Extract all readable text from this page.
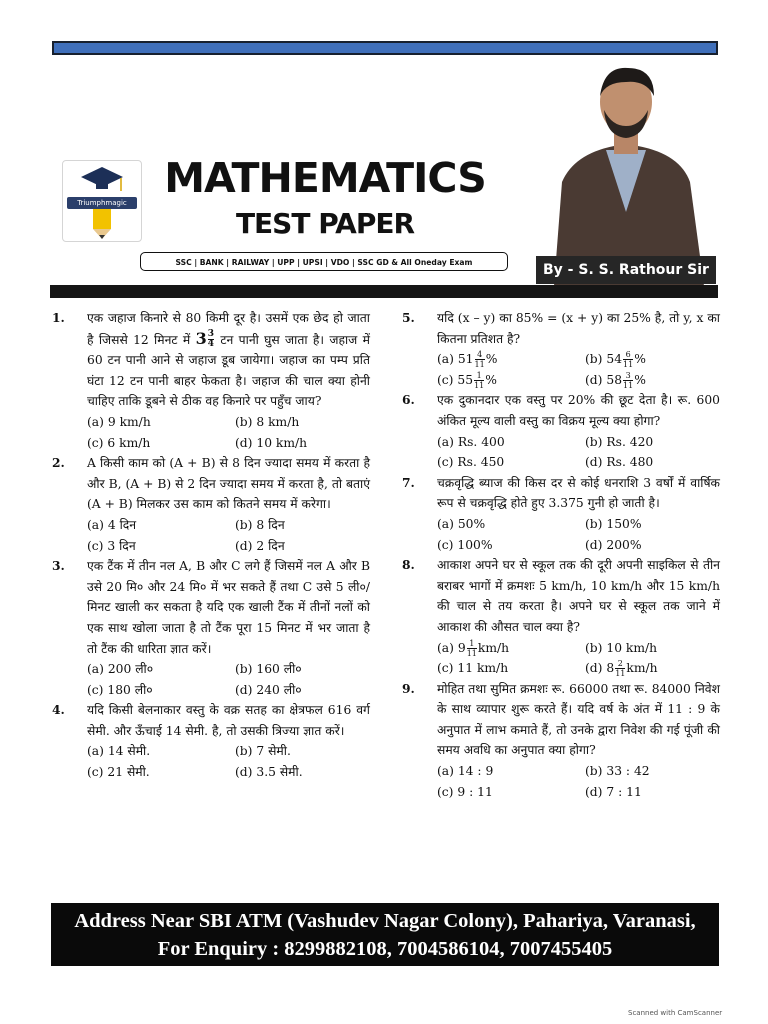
Triumphmagic
MATHEMATICS
TEST PAPER
SSC | BANK | RAILWAY | UPP | UPSI | VDO | SSC GD & All Oneday Exam	By - S. S. Rathour Sir
1.	एक जहाज किनारे से 80 किमी दूर है। उसमें एक छेद हो जाता है जिससे 12 मिनट में $3 \frac{3}{4}$ टन पानी घुस जाता है। जहाज में 60 टन पानी आने से जहाज डूब जायेगा। जहाज का पम्प प्रति घंटा 12 टन पानी बाहर फेकता है। जहाज की चाल क्या होनी चाहिए ताकि डूबने से ठीक वह किनारे पर पहुँच जाय?
(a) 9 km/h	(b) 8 km/h
(c) 6 km/h	(d) 10 km/h
2.	A किसी काम को (A + B) से 8 दिन ज्यादा समय में करता है और B, (A + B) से 2 दिन ज्यादा समय में करता है, तो बताएं (A + B) मिलकर उस काम को कितने समय में करेगा।
(a) 4 दिन	(b) 8 दिन
(c) 3 दिन	(d) 2 दिन
3.	एक टैंक में तीन नल A, B और C लगे हैं जिसमें नल A और B उसे 20 मि० और 24 मि० में भर सकते हैं तथा C उसे 5 ली०/मिनट खाली कर सकता है यदि एक खाली टैंक में तीनों नलों को एक साथ खोला जाता है तो टैंक पूरा 15 मिनट में भर जाता है तो टैंक की धारिता ज्ञात करें।
(a) 200 ली०	(b) 160 ली०
(c) 180 ली०	(d) 240 ली०
4.	यदि किसी बेलनाकार वस्तु के वक्र सतह का क्षेत्रफल 616 वर्ग सेमी. और ऊँचाई 14 सेमी. है, तो उसकी त्रिज्या ज्ञात करें।
(a) 14 सेमी.	(b) 7 सेमी.
(c) 21 सेमी.	(d) 3.5 सेमी.
5.	यदि (x – y) का 85% = (x + y) का 25% है, तो y, x का कितना प्रतिशत है?
(a) $51 \frac{4}{11}$ %	(b) $54 \frac{6}{11}$ %
(c) $55 \frac{1}{11}$ %	(d) $58 \frac{3}{11}$ %
6.	एक दुकानदार एक वस्तु पर 20% की छूट देता है। रू. 600 अंकित मूल्य वाली वस्तु का विक्रय मूल्य क्या होगा?
(a) Rs. 400	(b) Rs. 420
(c) Rs. 450	(d) Rs. 480
7.	चक्रवृद्धि ब्याज की किस दर से कोई धनराशि 3 वर्षों में वार्षिक रूप से चक्रवृद्धि होते हुए 3.375 गुनी हो जाती है।
(a) 50%	(b) 150%
(c) 100%	(d) 200%
8.	आकाश अपने घर से स्कूल तक की दूरी अपनी साइकिल से तीन बराबर भागों में क्रमशः 5 km/h, 10 km/h और 15 km/h की चाल से तय करता है। अपने घर से स्कूल तक जाने में आकाश की औसत चाल क्या है?
(a) $9 \frac{1}{11} km/h$	(b) 10 km/h
(c) 11 km/h	(d) $8 \frac{2}{11} km/h$
9.	मोहित तथा सुमित क्रमशः रू. 66000 तथा रू. 84000 निवेश के साथ व्यापार शुरू करते हैं। यदि वर्ष के अंत में 11 : 9 के अनुपात में लाभ कमाते हैं, तो उनके द्वारा निवेश की गई पूंजी की समय अवधि का अनुपात क्या होगा?
(a) 14 : 9	(b) 33 : 42
(c) 9 : 11	(d) 7 : 11
Address Near SBI ATM (Vashudev Nagar Colony), Pahariya, Varanasi,
For Enquiry : 8299882108, 7004586104, 7007455405
Scanned with CamScanner
